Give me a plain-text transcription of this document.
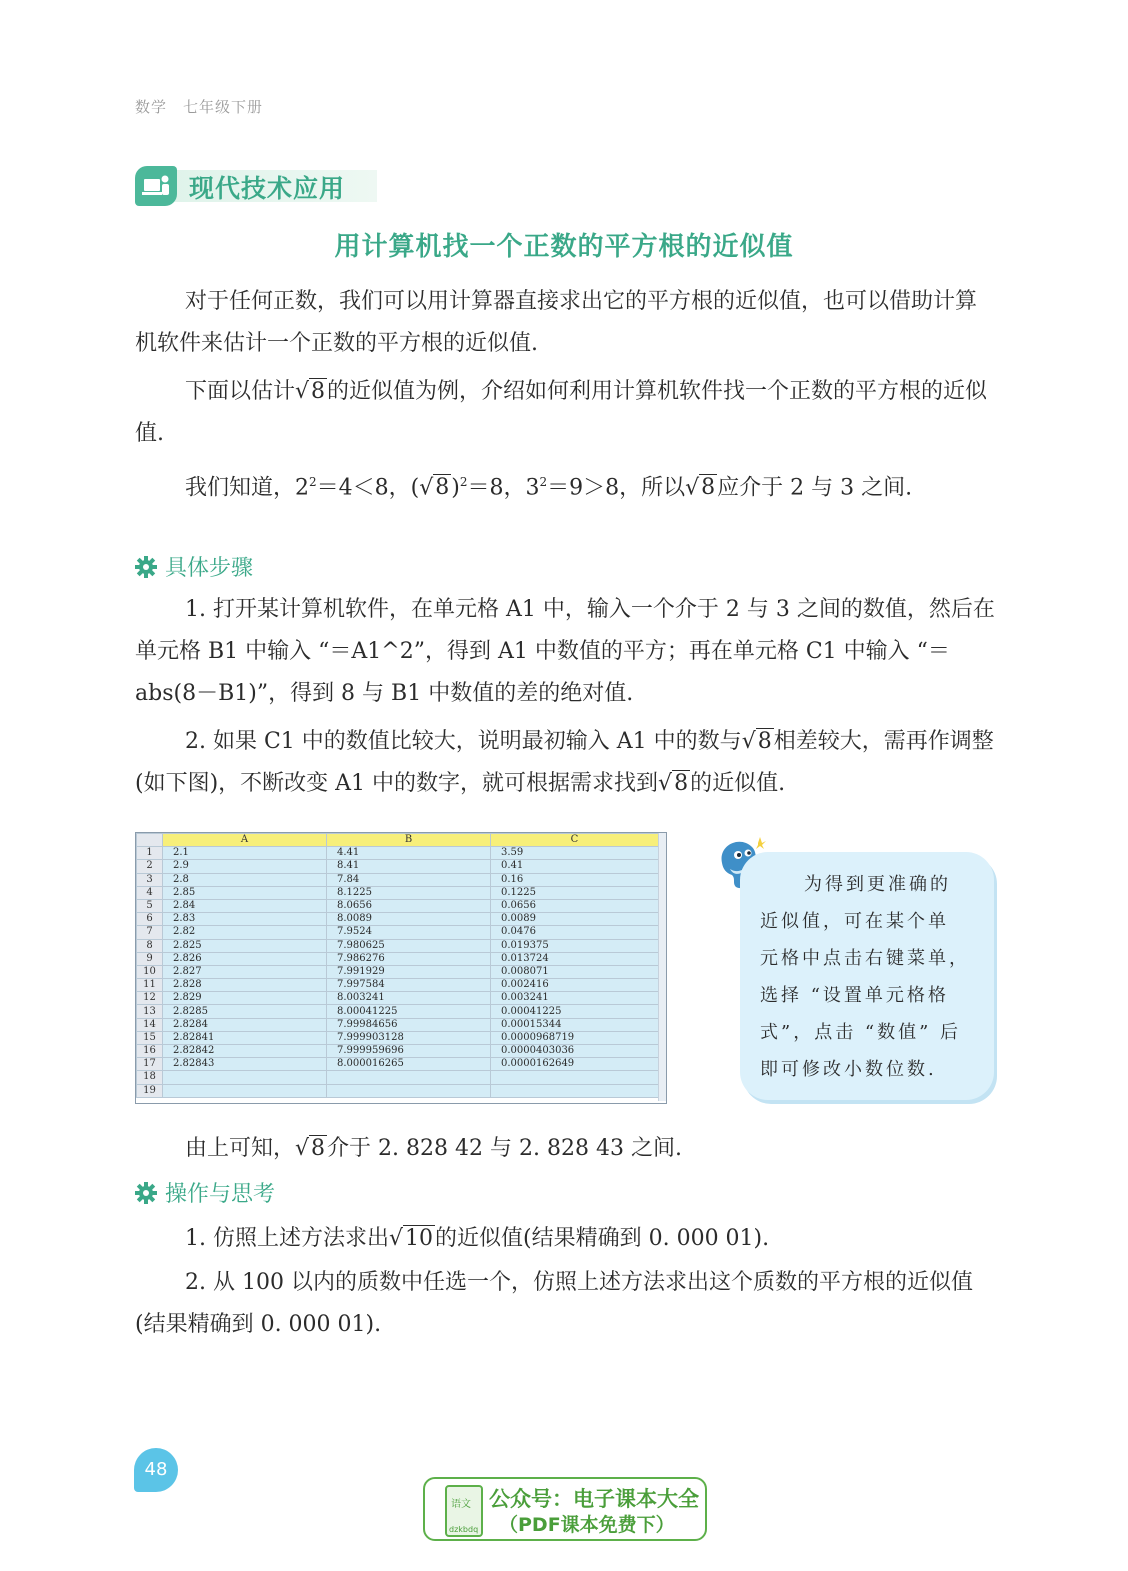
数学　七年级下册
现代技术应用
用计算机找一个正数的平方根的近似值

对于任何正数，我们可以用计算器直接求出它的平方根的近似值，也可以借助计算机软件来估计一个正数的平方根的近似值.

下面以估计√8的近似值为例，介绍如何利用计算机软件找一个正数的平方根的近似值.

我们知道，$2^2=4<8$，$(√8)^2=8$，$3^2=9>8$，所以√8应介于 2 与 3 之间.

具体步骤

1. 打开某计算机软件，在单元格 A1 中，输入一个介于 2 与 3 之间的数值，然后在单元格 B1 中输入 “＝A1^2”，得到 A1 中数值的平方；再在单元格 C1 中输入 “＝abs(8－B1)”，得到 8 与 B1 中数值的差的绝对值.

2. 如果 C1 中的数值比较大，说明最初输入 A1 中的数与√8相差较大，需再作调整(如下图)，不断改变 A1 中的数字，就可根据需求找到√8的近似值.

	A	B	C
1	2.1	4.41	3.59
2	2.9	8.41	0.41
3	2.8	7.84	0.16
4	2.85	8.1225	0.1225
5	2.84	8.0656	0.0656
6	2.83	8.0089	0.0089
7	2.82	7.9524	0.0476
8	2.825	7.980625	0.019375
9	2.826	7.986276	0.013724
10	2.827	7.991929	0.008071
11	2.828	7.997584	0.002416
12	2.829	8.003241	0.003241
13	2.8285	8.00041225	0.00041225
14	2.8284	7.99984656	0.00015344
15	2.82841	7.999903128	0.0000968719
16	2.82842	7.999959696	0.0000403036
17	2.82843	8.000016265	0.0000162649
18			
19			
为得到更准确的
近似值，可在某个单
元格中点击右键菜单，
选择 “设置单元格格
式”，点击 “数值” 后
即可修改小数位数.

由上可知，√8介于 2. 828 42 与 2. 828 43 之间.

操作与思考

1. 仿照上述方法求出√10的近似值(结果精确到 0. 000 01).

2. 从 100 以内的质数中任选一个，仿照上述方法求出这个质数的平方根的近似值(结果精确到 0. 000 01).

48
语文
dzkbdq
公众号：电子课本大全
（PDF课本免费下）
